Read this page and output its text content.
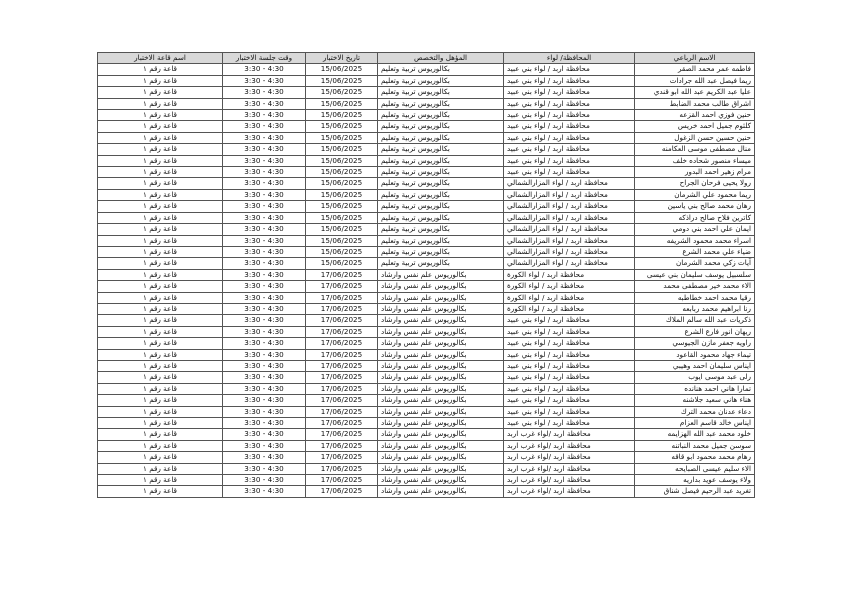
اسم قاعة الاختبار	وقت جلسة الاختبار	تاريخ الاختبار	المؤهل والتخصص	المحافظة/ لواء	الاسم الرباعي
قاعة رقم ١	3:30 - 4:30	15/06/2025	بكالوريوس تربية وتعليم	محافظة اربد / لواء بني عبيد	فاطمه عمر محمد الصقر
قاعة رقم ١	3:30 - 4:30	15/06/2025	بكالوريوس تربية وتعليم	محافظة اربد / لواء بني عبيد	ريما فيصل عبد الله جرادات
قاعة رقم ١	3:30 - 4:30	15/06/2025	بكالوريوس تربية وتعليم	محافظة اربد / لواء بني عبيد	عليا عبد الكريم عبد الله ابو قندي
قاعة رقم ١	3:30 - 4:30	15/06/2025	بكالوريوس تربية وتعليم	محافظة اربد / لواء بني عبيد	اشراق طالب محمد الضابط
قاعة رقم ١	3:30 - 4:30	15/06/2025	بكالوريوس تربية وتعليم	محافظة اربد / لواء بني عبيد	حنين فوزي احمد القزعه
قاعة رقم ١	3:30 - 4:30	15/06/2025	بكالوريوس تربية وتعليم	محافظة اربد / لواء بني عبيد	كلثوم جميل احمد خريس
قاعة رقم ١	3:30 - 4:30	15/06/2025	بكالوريوس تربية وتعليم	محافظة اربد / لواء بني عبيد	حنين حسين حسن الزغول
قاعة رقم ١	3:30 - 4:30	15/06/2025	بكالوريوس تربية وتعليم	محافظة اربد / لواء بني عبيد	منال مصطفى موسى العكامنه
قاعة رقم ١	3:30 - 4:30	15/06/2025	بكالوريوس تربية وتعليم	محافظة اربد / لواء بني عبيد	ميساء منصور شحاده خلف
قاعة رقم ١	3:30 - 4:30	15/06/2025	بكالوريوس تربية وتعليم	محافظة اربد / لواء بني عبيد	مرام زهير احمد البدور
قاعة رقم ١	3:30 - 4:30	15/06/2025	بكالوريوس تربية وتعليم	محافظة اربد / لواء المزارالشمالي	رولا يحيى فرحان الجراح
قاعة رقم ١	3:30 - 4:30	15/06/2025	بكالوريوس تربية وتعليم	محافظة اربد / لواء المزارالشمالي	ريما محمود علي الشرمان
قاعة رقم ١	3:30 - 4:30	15/06/2025	بكالوريوس تربية وتعليم	محافظة اربد / لواء المزارالشمالي	رهان محمد صالح بني ياسين
قاعة رقم ١	3:30 - 4:30	15/06/2025	بكالوريوس تربية وتعليم	محافظة اربد / لواء المزارالشمالي	كاترين فلاح صالح دراذكه
قاعة رقم ١	3:30 - 4:30	15/06/2025	بكالوريوس تربية وتعليم	محافظة اربد / لواء المزارالشمالي	ايمان علي احمد بني دومي
قاعة رقم ١	3:30 - 4:30	15/06/2025	بكالوريوس تربية وتعليم	محافظة اربد / لواء المزارالشمالي	اسراء محمد محمود الشريفه
قاعة رقم ١	3:30 - 4:30	15/06/2025	بكالوريوس تربية وتعليم	محافظة اربد / لواء المزارالشمالي	ضياء علي محمد الشرع
قاعة رقم ١	3:30 - 4:30	15/06/2025	بكالوريوس تربية وتعليم	محافظة اربد / لواء المزارالشمالي	آيات زكي محمد الشرمان
قاعة رقم ١	3:30 - 4:30	17/06/2025	بكالوريوس علم نفس وارشاد	محافظة اربد / لواء الكورة	سلسبيل يوسف سليمان بني عيسى
قاعة رقم ١	3:30 - 4:30	17/06/2025	بكالوريوس علم نفس وارشاد	محافظة اربد / لواء الكورة	الاء محمد خير مصطفى محمد
قاعة رقم ١	3:30 - 4:30	17/06/2025	بكالوريوس علم نفس وارشاد	محافظة اربد / لواء الكورة	رقيا محمد احمد خطاطبه
قاعة رقم ١	3:30 - 4:30	17/06/2025	بكالوريوس علم نفس وارشاد	محافظة اربد / لواء الكورة	رنا ابراهيم محمد ربابعه
قاعة رقم ١	3:30 - 4:30	17/06/2025	بكالوريوس علم نفس وارشاد	محافظة اربد / لواء بني عبيد	ذكريات عبد الله سالم الملاك
قاعة رقم ١	3:30 - 4:30	17/06/2025	بكالوريوس علم نفس وارشاد	محافظة اربد / لواء بني عبيد	ريهان انور فارع الشرع
قاعة رقم ١	3:30 - 4:30	17/06/2025	بكالوريوس علم نفس وارشاد	محافظة اربد / لواء بني عبيد	راويه جعفر مازن الجيوسي
قاعة رقم ١	3:30 - 4:30	17/06/2025	بكالوريوس علم نفس وارشاد	محافظة اربد / لواء بني عبيد	تيماء جهاد محمود القاعود
قاعة رقم ١	3:30 - 4:30	17/06/2025	بكالوريوس علم نفس وارشاد	محافظة اربد / لواء بني عبيد	ايناس سليمان احمد وهيبي
قاعة رقم ١	3:30 - 4:30	17/06/2025	بكالوريوس علم نفس وارشاد	محافظة اربد / لواء بني عبيد	رلى عبد موسى ايوب
قاعة رقم ١	3:30 - 4:30	17/06/2025	بكالوريوس علم نفس وارشاد	محافظة اربد / لواء بني عبيد	تمارا هاني احمد هنانده
قاعة رقم ١	3:30 - 4:30	17/06/2025	بكالوريوس علم نفس وارشاد	محافظة اربد / لواء بني عبيد	هناء هاني سعيد جلاشنه
قاعة رقم ١	3:30 - 4:30	17/06/2025	بكالوريوس علم نفس وارشاد	محافظة اربد / لواء بني عبيد	دعاء عدنان محمد الترك
قاعة رقم ١	3:30 - 4:30	17/06/2025	بكالوريوس علم نفس وارشاد	محافظة اربد / لواء بني عبيد	ايناس خالد قاسم العزام
قاعة رقم ١	3:30 - 4:30	17/06/2025	بكالوريوس علم نفس وارشاد	محافظة اربد /لواء غرب اربد	خلود محمد عبد الله الهزايمه
قاعة رقم ١	3:30 - 4:30	17/06/2025	بكالوريوس علم نفس وارشاد	محافظة اربد /لواء غرب اربد	سوسن جميل محمد النباتنه
قاعة رقم ١	3:30 - 4:30	17/06/2025	بكالوريوس علم نفس وارشاد	محافظة اربد /لواء غرب اربد	رهام محمد محمود ابو قاقه
قاعة رقم ١	3:30 - 4:30	17/06/2025	بكالوريوس علم نفس وارشاد	محافظة اربد /لواء غرب اربد	الاء سليم عيسى الصبايحه
قاعة رقم ١	3:30 - 4:30	17/06/2025	بكالوريوس علم نفس وارشاد	محافظة اربد /لواء غرب اربد	ولاء يوسف عويد بداريه
قاعة رقم ١	3:30 - 4:30	17/06/2025	بكالوريوس علم نفس وارشاد	محافظة اربد /لواء غرب اربد	تغريد عبد الرحيم فيصل شناق
